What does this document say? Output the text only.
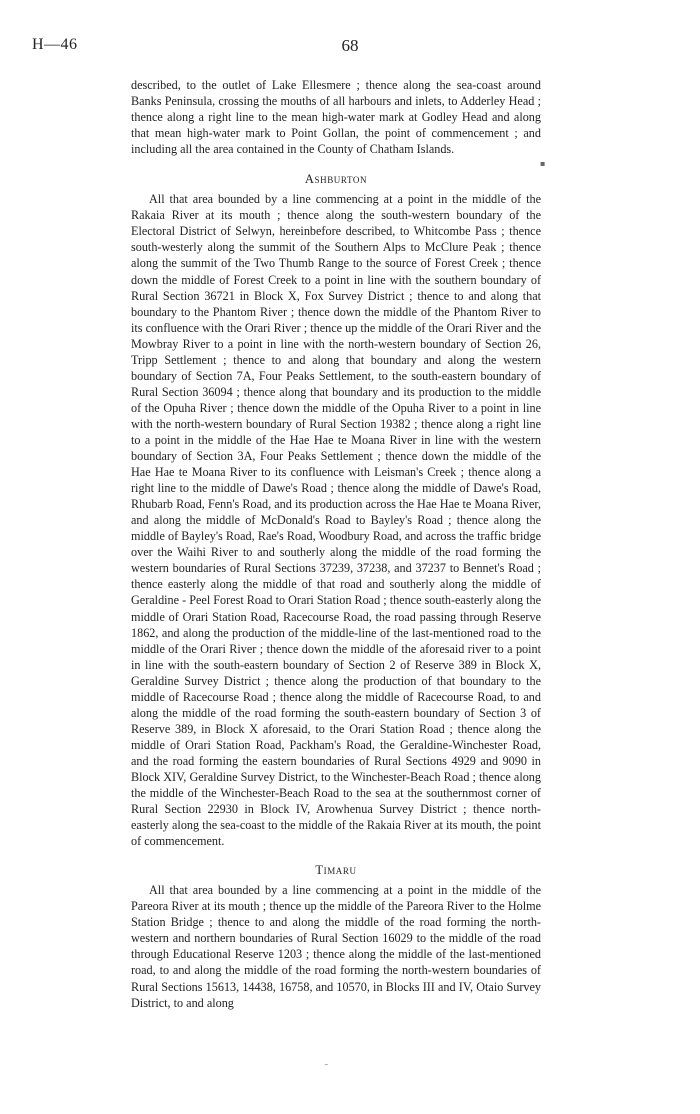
H—46	68

described, to the outlet of Lake Ellesmere ; thence along the sea-coast around Banks Peninsula, crossing the mouths of all harbours and inlets, to Adderley Head ; thence along a right line to the mean high-water mark at Godley Head and along that mean high-water mark to Point Gollan, the point of commencement ; and including all the area contained in the County of Chatham Islands.

Ashburton

All that area bounded by a line commencing at a point in the middle of the Rakaia River at its mouth ; thence along the south-western boundary of the Electoral District of Selwyn, hereinbefore described, to Whitcombe Pass ; thence south-westerly along the summit of the Southern Alps to McClure Peak ; thence along the summit of the Two Thumb Range to the source of Forest Creek ; thence down the middle of Forest Creek to a point in line with the southern boundary of Rural Section 36721 in Block X, Fox Survey District ; thence to and along that boundary to the Phantom River ; thence down the middle of the Phantom River to its confluence with the Orari River ; thence up the middle of the Orari River and the Mowbray River to a point in line with the north-western boundary of Section 26, Tripp Settlement ; thence to and along that boundary and along the western boundary of Section 7A, Four Peaks Settlement, to the south-eastern boundary of Rural Section 36094 ; thence along that boundary and its production to the middle of the Opuha River ; thence down the middle of the Opuha River to a point in line with the north-western boundary of Rural Section 19382 ; thence along a right line to a point in the middle of the Hae Hae te Moana River in line with the western boundary of Section 3A, Four Peaks Settlement ; thence down the middle of the Hae Hae te Moana River to its confluence with Leisman's Creek ; thence along a right line to the middle of Dawe's Road ; thence along the middle of Dawe's Road, Rhubarb Road, Fenn's Road, and its production across the Hae Hae te Moana River, and along the middle of McDonald's Road to Bayley's Road ; thence along the middle of Bayley's Road, Rae's Road, Woodbury Road, and across the traffic bridge over the Waihi River to and southerly along the middle of the road forming the western boundaries of Rural Sections 37239, 37238, and 37237 to Bennet's Road ; thence easterly along the middle of that road and southerly along the middle of Geraldine - Peel Forest Road to Orari Station Road ; thence south-easterly along the middle of Orari Station Road, Racecourse Road, the road passing through Reserve 1862, and along the production of the middle-line of the last-mentioned road to the middle of the Orari River ; thence down the middle of the aforesaid river to a point in line with the south-eastern boundary of Section 2 of Reserve 389 in Block X, Geraldine Survey District ; thence along the production of that boundary to the middle of Racecourse Road ; thence along the middle of Racecourse Road, to and along the middle of the road forming the south-eastern boundary of Section 3 of Reserve 389, in Block X aforesaid, to the Orari Station Road ; thence along the middle of Orari Station Road, Packham's Road, the Geraldine-Winchester Road, and the road forming the eastern boundaries of Rural Sections 4929 and 9090 in Block XIV, Geraldine Survey District, to the Winchester-Beach Road ; thence along the middle of the Winchester-Beach Road to the sea at the southernmost corner of Rural Section 22930 in Block IV, Arowhenua Survey District ; thence north-easterly along the sea-coast to the middle of the Rakaia River at its mouth, the point of commencement.

Timaru

All that area bounded by a line commencing at a point in the middle of the Pareora River at its mouth ; thence up the middle of the Pareora River to the Holme Station Bridge ; thence to and along the middle of the road forming the north-western and northern boundaries of Rural Section 16029 to the middle of the road through Educational Reserve 1203 ; thence along the middle of the last-mentioned road, to and along the middle of the road forming the north-western boundaries of Rural Sections 15613, 14438, 16758, and 10570, in Blocks III and IV, Otaio Survey District, to and along

▪
˜
